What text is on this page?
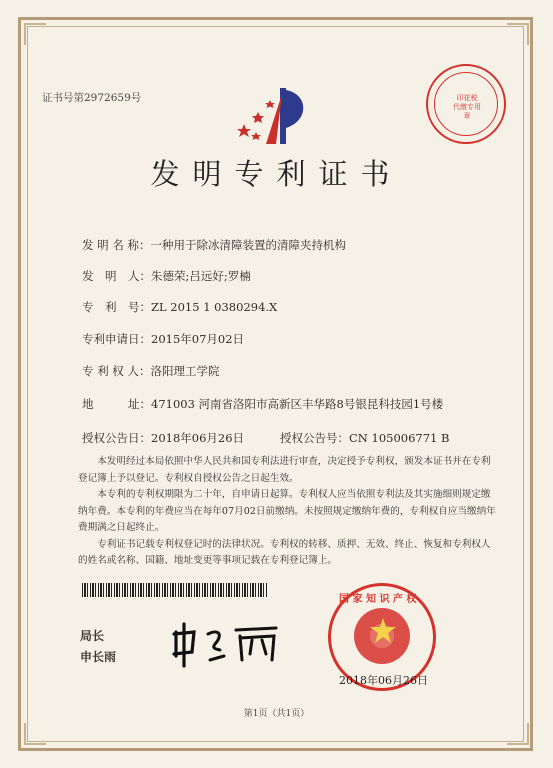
证书号第2972659号	印花税
代缴专用章
发明专利证书
发 明 名 称：一种用于除冰清障装置的清障夹持机构
发　明　人：朱德荣;吕远好;罗楠
专　利　号：ZL 2015 1 0380294.X
专利申请日：2015年07月02日
专 利 权 人：洛阳理工学院
地　　　址：471003 河南省洛阳市高新区丰华路8号银昆科技园1号楼
授权公告日：2018年06月26日	授权公告号：CN 105006771 B

本发明经过本局依照中华人民共和国专利法进行审查，决定授予专利权，颁发本证书并在专利登记簿上予以登记。专利权自授权公告之日起生效。

本专利的专利权期限为二十年，自申请日起算。专利权人应当依照专利法及其实施细则规定缴纳年费。本专利的年费应当在每年07月02日前缴纳。未按照规定缴纳年费的，专利权自应当缴纳年费期满之日起终止。

专利证书记载专利权登记时的法律状况。专利权的转移、质押、无效、终止、恢复和专利权人的姓名或名称、国籍、地址变更等事项记载在专利登记簿上。

局长
申长雨
国 家 知 识 产 权
2018年06月26日
第1页（共1页）
